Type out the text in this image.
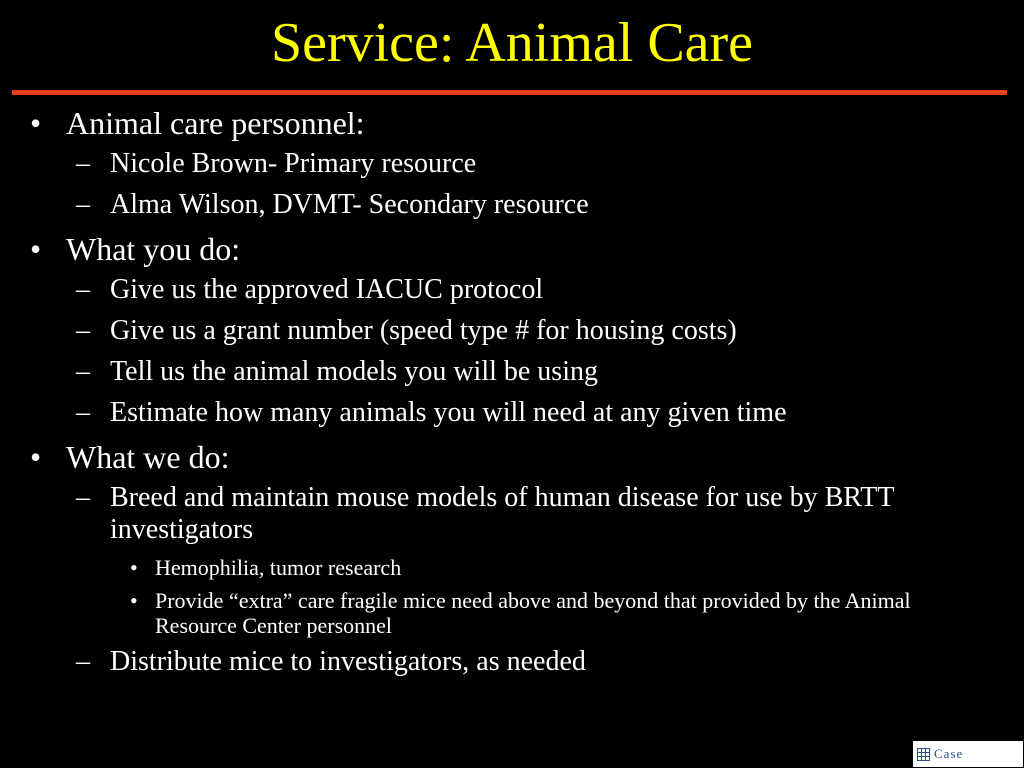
Service: Animal Care
• Animal care personnel:
– Nicole Brown- Primary resource
– Alma Wilson, DVMT- Secondary resource
• What you do:
– Give us the approved IACUC protocol
– Give us a grant number (speed type # for housing costs)
– Tell us the animal models you will be using
– Estimate how many animals you will need at any given time
• What we do:
– Breed and maintain mouse models of human disease for use by BRTT investigators
• Hemophilia, tumor research
• Provide “extra” care fragile mice need above and beyond that provided by the Animal Resource Center personnel
– Distribute mice to investigators, as needed
Case
